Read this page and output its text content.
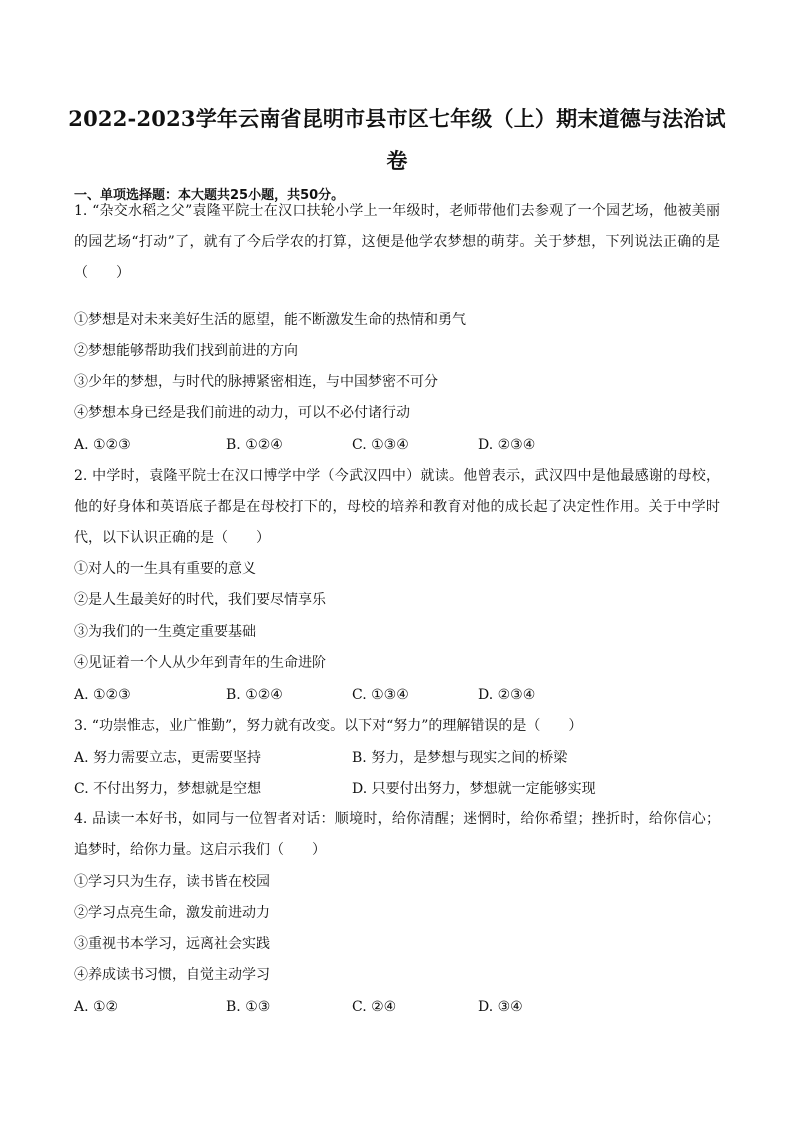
2022-2023学年云南省昆明市县市区七年级（上）期末道德与法治试卷
一、单项选择题：本大题共25小题，共50分。
1. “杂交水稻之父”袁隆平院士在汉口扶轮小学上一年级时，老师带他们去参观了一个园艺场，他被美丽的园艺场“打动”了，就有了今后学农的打算，这便是他学农梦想的萌芽。关于梦想，下列说法正确的是（　　）
①梦想是对未来美好生活的愿望，能不断激发生命的热情和勇气
②梦想能够帮助我们找到前进的方向
③少年的梦想，与时代的脉搏紧密相连，与中国梦密不可分
④梦想本身已经是我们前进的动力，可以不必付诸行动
A. ①②③	B. ①②④	C. ①③④	D. ②③④
2. 中学时，袁隆平院士在汉口博学中学（今武汉四中）就读。他曾表示，武汉四中是他最感谢的母校，他的好身体和英语底子都是在母校打下的，母校的培养和教育对他的成长起了决定性作用。关于中学时代，以下认识正确的是（　　）
①对人的一生具有重要的意义
②是人生最美好的时代，我们要尽情享乐
③为我们的一生奠定重要基础
④见证着一个人从少年到青年的生命进阶
A. ①②③	B. ①②④	C. ①③④	D. ②③④
3. “功崇惟志，业广惟勤”，努力就有改变。以下对“努力”的理解错误的是（　　）
A. 努力需要立志，更需要坚持	B. 努力，是梦想与现实之间的桥梁
C. 不付出努力，梦想就是空想	D. 只要付出努力，梦想就一定能够实现
4. 品读一本好书，如同与一位智者对话：顺境时，给你清醒；迷惘时，给你希望；挫折时，给你信心；追梦时，给你力量。这启示我们（　　）
①学习只为生存，读书皆在校园
②学习点亮生命，激发前进动力
③重视书本学习，远离社会实践
④养成读书习惯，自觉主动学习
A. ①②	B. ①③	C. ②④	D. ③④
